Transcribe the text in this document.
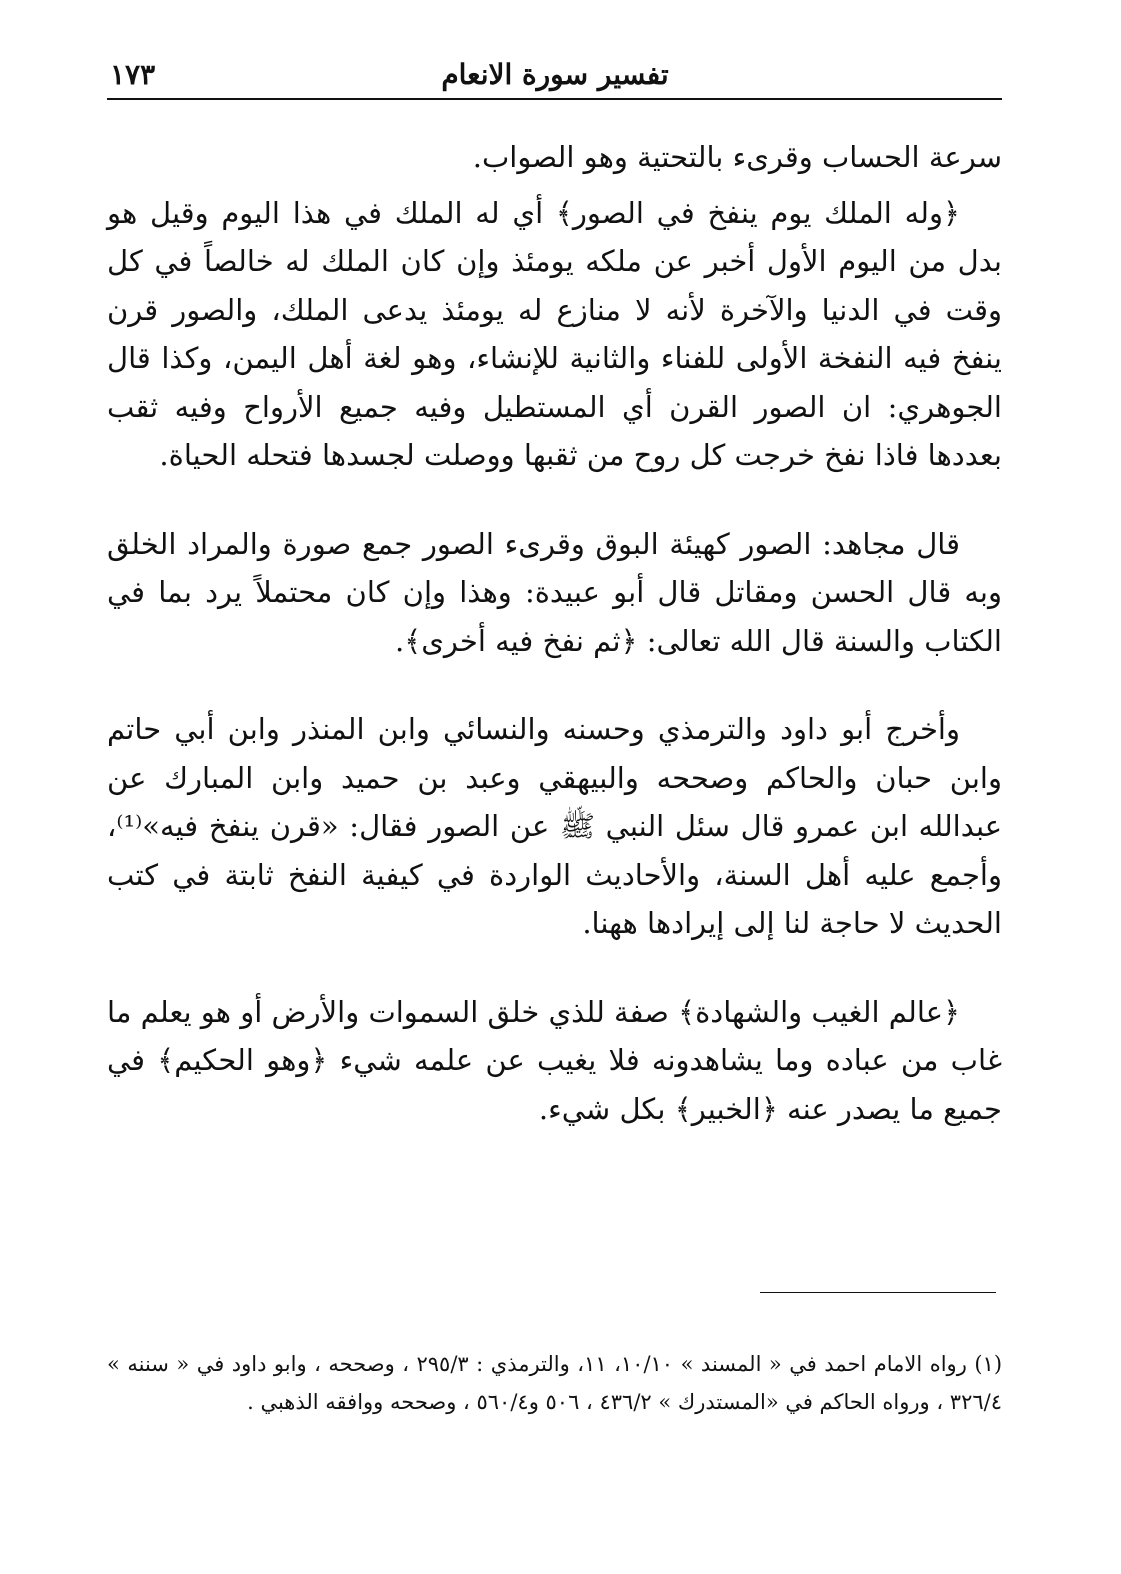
تفسير سورة الانعام
١٧٣

سرعة الحساب وقرىء بالتحتية وهو الصواب.

﴿وله الملك يوم ينفخ في الصور﴾ أي له الملك في هذا اليوم وقيل هو بدل من اليوم الأول أخبر عن ملكه يومئذ وإن كان الملك له خالصاً في كل وقت في الدنيا والآخرة لأنه لا منازع له يومئذ يدعى الملك، والصور قرن ينفخ فيه النفخة الأولى للفناء والثانية للإنشاء، وهو لغة أهل اليمن، وكذا قال الجوهري: ان الصور القرن أي المستطيل وفيه جميع الأرواح وفيه ثقب بعددها فاذا نفخ خرجت كل روح من ثقبها ووصلت لجسدها فتحله الحياة.

قال مجاهد: الصور كهيئة البوق وقرىء الصور جمع صورة والمراد الخلق وبه قال الحسن ومقاتل قال أبو عبيدة: وهذا وإن كان محتملاً يرد بما في الكتاب والسنة قال الله تعالى: ﴿ثم نفخ فيه أخرى﴾.

وأخرج أبو داود والترمذي وحسنه والنسائي وابن المنذر وابن أبي حاتم وابن حبان والحاكم وصححه والبيهقي وعبد بن حميد وابن المبارك عن عبدالله ابن عمرو قال سئل النبي ﷺ عن الصور فقال: «قرن ينفخ فيه»⁽¹⁾، وأجمع عليه أهل السنة، والأحاديث الواردة في كيفية النفخ ثابتة في كتب الحديث لا حاجة لنا إلى إيرادها ههنا.

﴿عالم الغيب والشهادة﴾ صفة للذي خلق السموات والأرض أو هو يعلم ما غاب من عباده وما يشاهدونه فلا يغيب عن علمه شيء ﴿وهو الحكيم﴾ في جميع ما يصدر عنه ﴿الخبير﴾ بكل شيء.

(١) رواه الامام احمد في « المسند » ١٠/١٠، ١١، والترمذي : ٢٩٥/٣ ، وصححه ، وابو داود في « سننه » ٣٢٦/٤ ، ورواه الحاكم في «المستدرك » ٤٣٦/٢ ، ٥٠٦ و٥٦٠/٤ ، وصححه ووافقه الذهبي .
